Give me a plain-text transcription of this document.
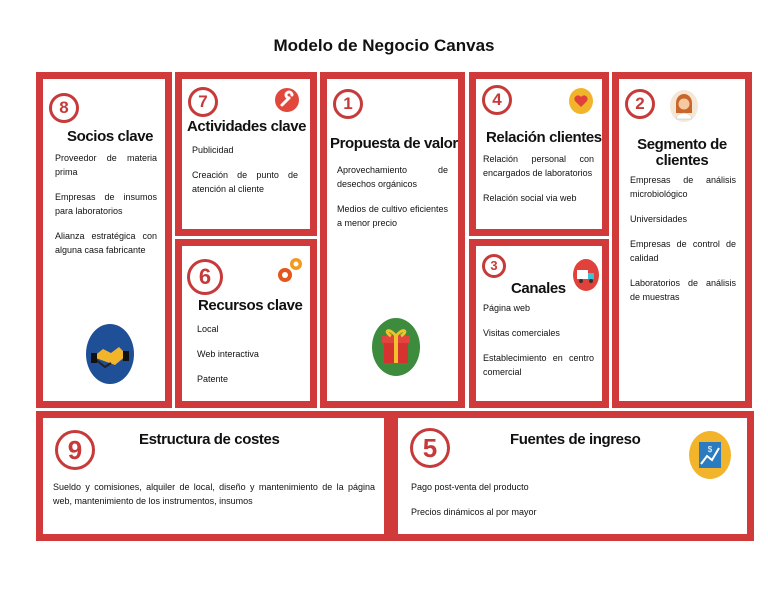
Modelo de Negocio Canvas
8
Socios clave

Proveedor de materia prima

Empresas de insumos para laboratorios

Alianza estratégica con alguna casa fabricante

7
Actividades clave

Publicidad

Creación de punto de atención al cliente

6
Recursos clave

Local

Web interactiva

Patente

1
Propuesta de valor

Aprovechamiento de desechos orgánicos

Medios de cultivo eficientes a menor precio

4
Relación clientes

Relación personal con encargados de laboratorios

Relación social via web

3
Canales

Página web

Visitas comerciales

Establecimiento en centro comercial

2
Segmento de clientes

Empresas de análisis microbiológico

Universidades

Empresas de control de calidad

Laboratorios de análisis de muestras

9	Estructura de costes

Sueldo y comisiones, alquiler de local, diseño y mantenimiento de la página web, mantenimiento de los instrumentos, insumos

5	Fuentes de ingreso
$

Pago post-venta del producto

Precios dinámicos al por mayor
